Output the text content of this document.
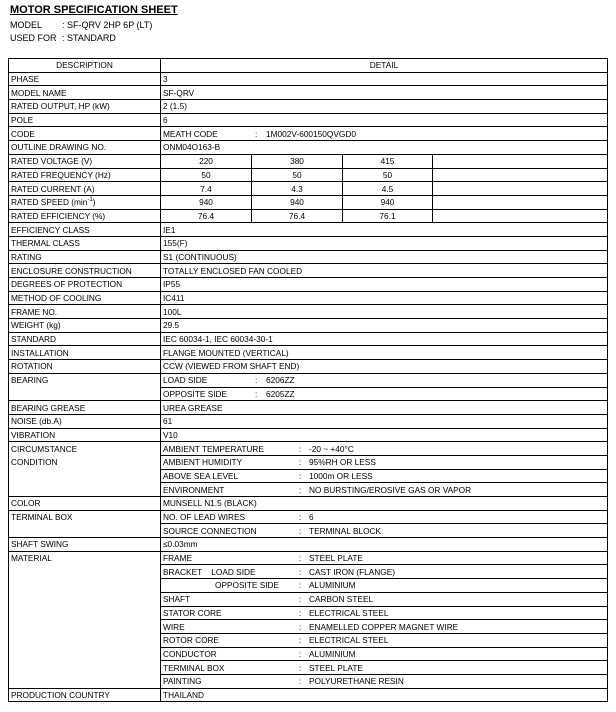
MOTOR SPECIFICATION SHEET
MODEL : SF-QRV 2HP 6P (LT)
USED FOR : STANDARD
DESCRIPTION	DETAIL
PHASE	3
MODEL NAME	SF-QRV
RATED OUTPUT, HP (kW)	2 (1.5)
POLE	6
CODE	MEATH CODE	: 1M002V-600150QVGD0

OUTLINE DRAWING NO.	ONM04O163-B
RATED VOLTAGE (V)		220	380	415	

RATED FREQUENCY (Hz)		50	50	50	

RATED CURRENT (A)		7.4	4.3	4.5	

RATED SPEED $(\min^{-1})$		940	940	940	

RATED EFFICIENCY (%)		76.4	76.4	76.1	

EFFICIENCY CLASS	IE1
THERMAL CLASS	155(F)
RATING	S1 (CONTINUOUS)
ENCLOSURE CONSTRUCTION	TOTALLY ENCLOSED FAN COOLED
DEGREES OF PROTECTION	IP55
METHOD OF COOLING	IC411
FRAME NO.	100L
WEIGHT (kg)	29.5
STANDARD	IEC 60034-1, IEC 60034-30-1
INSTALLATION	FLANGE MOUNTED (VERTICAL)
ROTATION	CCW (VIEWED FROM SHAFT END)
BEARING	LOAD SIDE	: 6206ZZ

OPPOSITE SIDE	: 6205ZZ

BEARING GREASE	UREA GREASE
NOISE (db.A)	61
VIBRATION	V10
CIRCUMSTANCE	AMBIENT TEMPERATURE	: -20 ~ +40°C

CONDITION	AMBIENT HUMIDITY	: 95%RH OR LESS

ABOVE SEA LEVEL	: 1000m OR LESS

ENVIRONMENT	: NO BURSTING/EROSIVE GAS OR VAPOR

COLOR	MUNSELL N1.5 (BLACK)
TERMINAL BOX	NO. OF LEAD WIRES	: 6

SOURCE CONNECTION	: TERMINAL BLOCK

SHAFT SWING	≤0.03mm
MATERIAL	FRAME	: STEEL PLATE

BRACKET    LOAD SIDE	: CAST IRON (FLANGE)

OPPOSITE SIDE : ALUMINIUM

SHAFT	: CARBON STEEL

STATOR CORE	: ELECTRICAL STEEL

WIRE	: ENAMELLED COPPER MAGNET WIRE

ROTOR CORE	: ELECTRICAL STEEL

CONDUCTOR	: ALUMINIUM

TERMINAL BOX	: STEEL PLATE

PAINTING	: POLYURETHANE RESIN

PRODUCTION COUNTRY	THAILAND
